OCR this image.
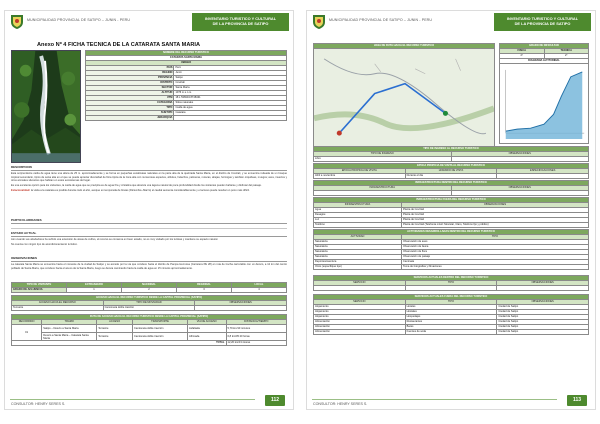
MUNICIPALIDAD PROVINCIAL DE SATIPO – JUNIN - PERU	INVENTARIO TURISTICO Y CULTURAL
DE LA PROVINCIA DE SATIPO
Anexo Nº 4 FICHA TECNICA DE LA CATARATA SANTA MARIA
NOMBRE DEL RECURSO TURISTICO	
CATARATA SANTA MARIA	
UBIGEO	
PAIS	Perú
REGION	Junín
PROVINCIA	Satipo
DISTRITO	Coviriali
SECTOR	Santa María
ALTITUD	1076 m.s.n.m.
UTM	18 L 536904 8748431
CATEGORIA	Sitios naturales
TIPO	Caída de agua
SUBTIPO	Catarata
JERARQUIA	
DESCRIPCION
Esta sorprendente caída de agua tiene una altura de 25 m. aproximadamente y se forma en pequeñas escalinatas naturales en la parte alta de la quebrada Santa María, en el distrito de Coviriali, y se encuentra rodeada de un bosque tropical secundario, típico de selva alta en el que se puede apreciar diversidad de flora típica de la zona alta con numerosas especies, árboles, helechos, palmeras, moscas, abejas, hormigas y también orquídeas, musgos; aves, insectos y otros animales silvestres que habitan en estos ecosistemas del lugar.
Es una excelente opción para los visitantes, la caída de agua que se precipita es de agua fría y cristalina que alcanza una laguna natural de poca profundidad donde los visitantes pueden bañarse y disfrutar del paisaje.
Estacionalidad: la visita a la catarata es posible durante todo el año, aunque en temporada de lluvias (Diciembre–Marzo) el caudal aumenta considerablemente y el acceso puede resultar un poco más difícil.
PARTICULARIDADES
ESTADO ACTUAL
Aún cuando sus alrededores ha sufrido una extensión de áreas de cultivo, el recurso se conserva en buen estado, no es muy visitado por los turistas y mantiene su espacio natural.
No cuenta con ningún tipo de acondicionamiento turístico.
OBSERVACIONES
La catarata Santa María se encuentra hacia el noroeste de la ciudad de Satipo y se accede por la vía que conduce hacia el distrito de Pampa Hermosa (Carretera PE 28) en ruta de trocha carrozable con un desvío, a 12 km del centro poblado de Santa María, que conduce hacia el anexo de la Santa María, luego se desvía caminando hacia la caída de agua en 15 minutos aproximadamente.
TIPO DE VISITANTE	EXTRANJERO	NACIONAL	REGIONAL	LOCAL
GRADO DE AFLUENCIA	1	2	3	4
ACCESO HACIA EL RECURSO TURISTICO DESDE LA CAPITAL PROVINCIAL (SATIPO)		
ACCESO HACIA EL RECURSO	TIPO DE MOVILIDAD	OBSERVACIONES
Terrestre	Camioneta doble tracción	
RUTA DE ACCESO HACIA EL RECURSO TURISTICO DESDE LA CAPITAL PROVINCIAL (SATIPO)					
RECORRIDO	TRAMO	ACCESO	TRANSPORTE	VIA DE ACCESO	DISTANCIA/TIEMPO
01	Satipo – Desvío a Santa María	Terrestre	Camioneta doble tracción	Asfaltada	5,79 km/10 minutos
	Desvío a Santa María – Catarata Santa María	Terrestre	Camioneta doble tracción	Afirmada	6,8 km/05 20 horas
TOTAL					12,26 km/0:4 Horas
CONSULTOR: HENRY SERES S.
112
MUNICIPALIDAD PROVINCIAL DE SATIPO – JUNIN - PERU	INVENTARIO TURISTICO Y CULTURAL
DE LA PROVINCIA DE SATIPO
HOJA DE RUTA HACIA EL RECURSO TURISTICO	GRADO DE DIFICULTAD	
FISICA	TECNICA
2º	2º
DIAGRAMA ALTITUDINAL	
TIPO DE INGRESO AL RECURSO TURISTICO	
TIPO DE INGRESO	OBSERVACIONES
Libre	
EPOCA PROPICIA DE VISITA AL RECURSO TURISTICO		
EPOCA PROPICIA DE VISITA	HORARIO DE VISTA	ESPECIFICACIONES
Abril a noviembre	Durante el día	
INFRAESTRUCTURA DENTRO DEL RECURSO TURISTICO	
INFRAESTRUCTURA	OBSERVACIONES

INFRAESTRUCTURA FUERA DEL RECURSO TURISTICO	
INFRAESTRUCTURA	OBSERVACIONES
Agua	Planta de Coviriali
Desagüe	Planta de Coviriali
Luz	Planta de Coviriali
Teléfono	Planta de Coviriali (Telefonía móvil: Movistar, Claro, Teléfono fijo y público)
ACTIVIDADES DESARROLLADAS DENTRO DEL RECURSO TURISTICO	
ACTIVIDAD	TIPO
Naturaleza	Observación de aves
Naturaleza	Observación de fauna
Naturaleza	Observación de flora
Naturaleza	Observación de paisaje
Deportes/aventura	Caminata
Otros (especifique tipo)	Toma de fotografías y filmaciones
SERVICIOS ACTUALES DENTRO DEL RECURSO TURISTICO		
SERVICIO	TIPO	OBSERVACIONES

SERVICIOS ACTUALES FUERA DEL RECURSO TURISTICO		
SERVICIO	TIPO	OBSERVACIONES
Alojamiento	Hoteles	Ciudad de Satipo
Alojamiento	Hostales	Ciudad de Satipo
Alojamiento	Hospedajes	Ciudad de Satipo
Alimentación	Restaurantes	Ciudad de Satipo
Alimentación	Bares	Ciudad de Satipo
Alimentación	Fuentes de soda	Ciudad de Satipo
CONSULTOR: HENRY SERES S.
113
